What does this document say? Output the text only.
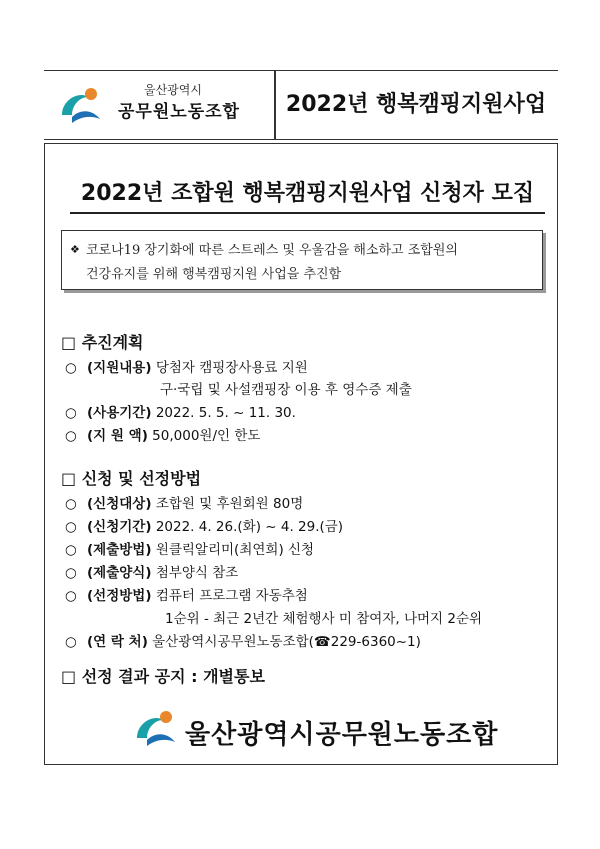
울산광역시
공무원노동조합	2022년 행복캠핑지원사업
2022년 조합원 행복캠핑지원사업 신청자 모집
❖ 코로나19 장기화에 따른 스트레스 및 우울감을 해소하고 조합원의
건강유지를 위해 행복캠핑지원 사업을 추진함
□ 추진계획
○ (지원내용) 당첨자 캠핑장사용료 지원
구·국립 및 사설캠핑장 이용 후 영수증 제출
○ (사용기간) 2022. 5. 5. ~ 11. 30.
○ (지 원 액) 50,000원/인 한도
□ 신청 및 선정방법
○ (신청대상) 조합원 및 후원회원 80명
○ (신청기간) 2022. 4. 26.(화) ~ 4. 29.(금)
○ (제출방법) 원클릭알리미(최연희) 신청
○ (제출양식) 첨부양식 참조
○ (선정방법) 컴퓨터 프로그램 자동추첨
1순위 - 최근 2년간 체험행사 미 참여자, 나머지 2순위
○ (연 락 처) 울산광역시공무원노동조합(☎229-6360~1)
□ 선정 결과 공지 : 개별통보
울산광역시공무원노동조합
